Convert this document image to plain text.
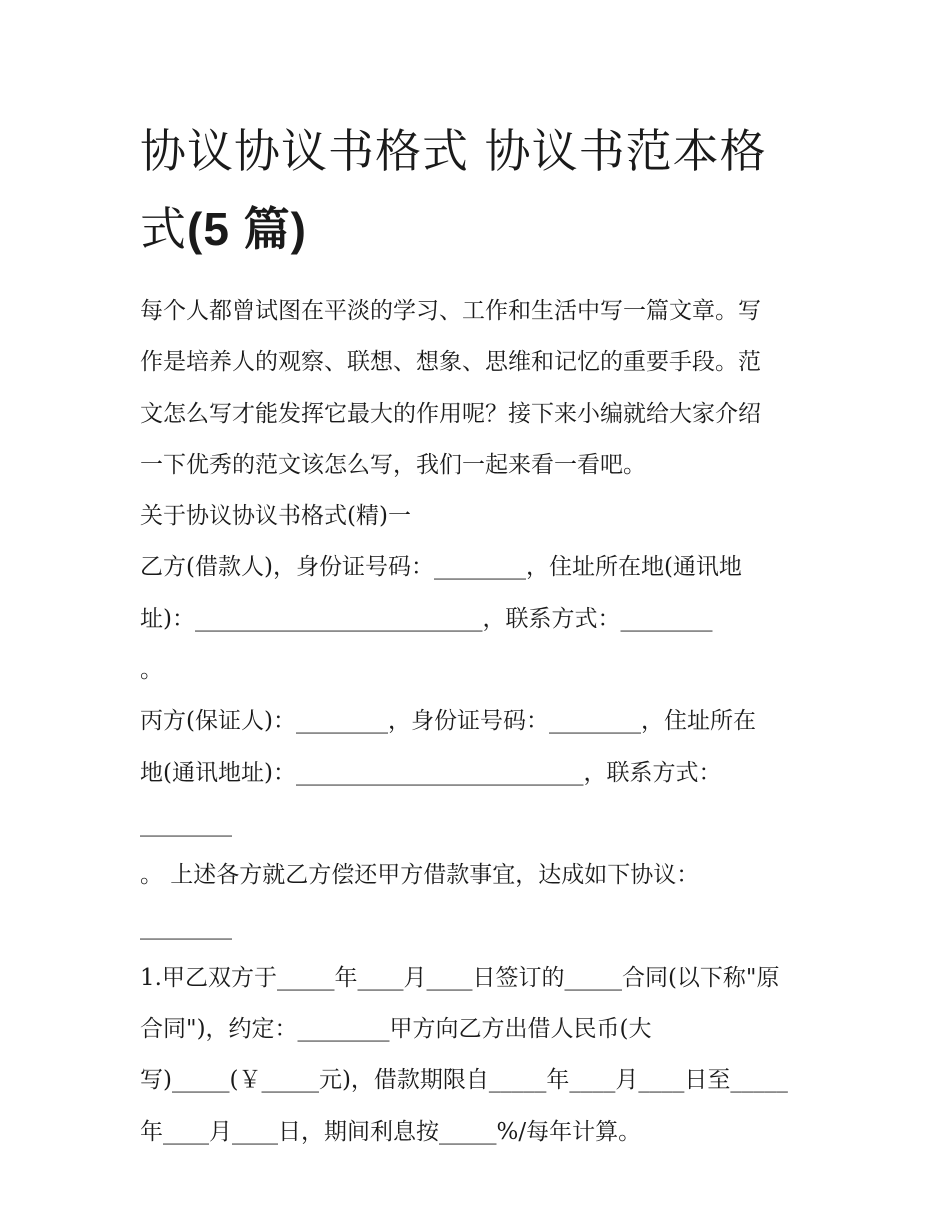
协议协议书格式 协议书范本格
式(5 篇)
每个人都曾试图在平淡的学习、工作和生活中写一篇文章。写
作是培养人的观察、联想、想象、思维和记忆的重要手段。范
文怎么写才能发挥它最大的作用呢？接下来小编就给大家介绍
一下优秀的范文该怎么写，我们一起来看一看吧。
关于协议协议书格式(精)一
乙方(借款人)，身份证号码：________，住址所在地(通讯地
址)：_________________________，联系方式：________
。
丙方(保证人)：________，身份证号码：________，住址所在
地(通讯地址)：_________________________，联系方式：
________
。 上述各方就乙方偿还甲方借款事宜，达成如下协议：
________
1.甲乙双方于_____年____月____日签订的_____合同(以下称"原
合同")，约定：________甲方向乙方出借人民币(大
写)_____(￥_____元)，借款期限自_____年____月____日至_____
年____月____日，期间利息按_____%/每年计算。
